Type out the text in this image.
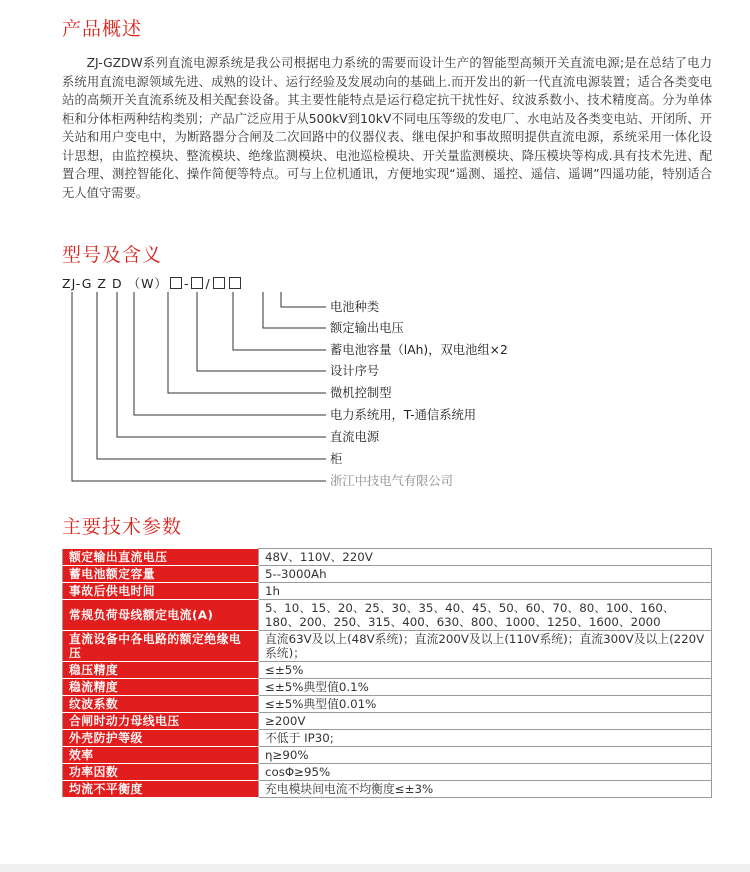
产品概述

ZJ-GZDW系列直流电源系统是我公司根据电力系统的需要而设计生产的智能型高频开关直流电源;是在总结了电力系统用直流电源领域先进、成熟的设计、运行经验及发展动向的基础上.而开发出的新一代直流电源装置；适合各类变电站的高频开关直流系统及相关配套设备。其主要性能特点是运行稳定抗干扰性好、纹波系数小、技术精度高。分为单体柜和分体柜两种结构类别；产品广泛应用于从500kV到10kV不同电压等级的发电厂、水电站及各类变电站、开闭所、开关站和用户变电中，为断路器分合闸及二次回路中的仪器仪表、继电保护和事故照明提供直流电源，系统采用一体化设计思想，由监控模块、整流模块、绝缘监测模块、电池巡检模块、开关量监测模块、降压模块等构成.具有技术先进、配置合理、测控智能化、操作简便等特点。可与上位机通讯，方便地实现“遥测、遥控、遥信、遥调”四遥功能，特别适合无人值守需要。

型号及含义
ZJ-G Z D （W） - /
电池种类
额定输出电压
蓄电池容量（lAh)，双电池组×2
设计序号
微机控制型
电力系统用，T-通信系统用
直流电源
柜
浙江中技电气有限公司
主要技术参数
额定输出直流电压	48V、110V、220V
蓄电池额定容量	5--3000Ah
事故后供电时间	1h
常规负荷母线额定电流(A)	5、10、15、20、25、30、35、40、45、50、60、70、80、100、160、180、200、250、315、400、630、800、1000、1250、1600、2000
直流设备中各电路的额定绝缘电压	直流63V及以上(48V系统)；直流200V及以上(110V系统)；直流300V及以上(220V系统)；
稳压精度	≤±5%
稳流精度	≤±5%典型值0.1%
纹波系数	≤±5%典型值0.01%
合闸时动力母线电压	≥200V
外壳防护等级	不低于 IP30;
效率	η≥90%
功率因数	cosΦ≥95%
均流不平衡度	充电模块间电流不均衡度≤±3%
